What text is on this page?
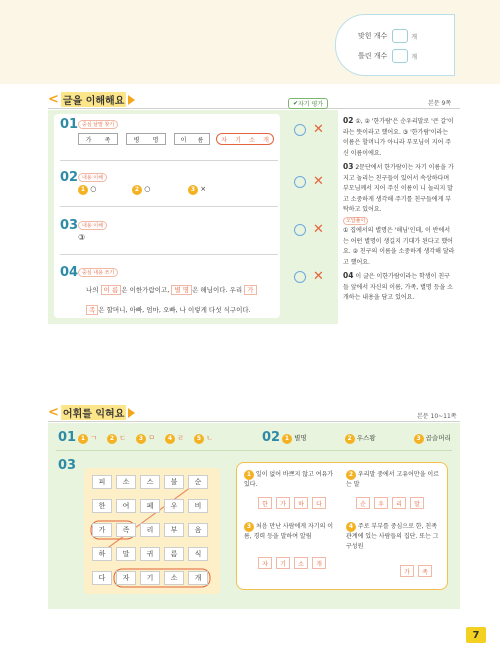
맞힌 개수	개
틀린 개수	개
< 글을 이해해요	본문 9쪽
✔ 자기 평가
01 중심 낱말 찾기
가 족	병 명	이 름	자 기 소 개
02 내용 이해
1 ○	2 ○	3 ×
03 내용 이해
③
04 중심 내용 쓰기
나의 이 름 은 이한가람이고, 별 명 은 해님이다. 우리 가
족 은 할머니, 아빠, 엄마, 오빠, 나 이렇게 다섯 식구이다.
✕
✕
✕
✕
02 ①, ② '한가람'은 순우리말로 '큰 갈'이라는 뜻이라고 했어요. ③ '한가람'이라는 이름은 할머니가 아니라 부모님이 지어 주신 이름이에요.
03 2문단에서 한가람이는 자기 이름을 가지고 놀리는 친구들이 있어서 속상하다며 부모님께서 지어 주신 이름이 니 놀리지 말고 소중하게 생각해 주기를 친구들에게 부탁하고 있어요.
오답풀이
① 집에서의 별명은 '해님'인데, 이 반에서는 어떤 별명이 생길지 기대가 된다고 했어요. ② 친구의 이름을 소중하게 생각해 달라고 했어요.
04 이 글은 이한가람이라는 학생이 친구들 앞에서 자신의 이름, 가족, 별명 등을 소개하는 내용을 담고 있어요.
< 어휘를 익혀요	본문 10~11쪽
01 1 ㄱ	2 ㄷ	3 ㅁ	4 ㄹ	5 ㄴ	02 1 별명	2 우스꽝	3 곱슬머리
03
피	소	스	불	순
한	여	페	우	비
가	족	리	부	음
하	말	귀	름	식
다	자	기	소	개
1 일이 없어 바쁘지 않고 여유가 있다.
한	가	하	다
2 우리말 중에서 고유어만을 이르는 말
순	우	리	말
3 처음 만난 사람에게 자기의 이름, 경력 등을 말하여 알림
자	기	소	개
4 주로 부부를 중심으로 한, 친족 관계에 있는 사람들의 집단. 또는 그 구성원
가	족
7
